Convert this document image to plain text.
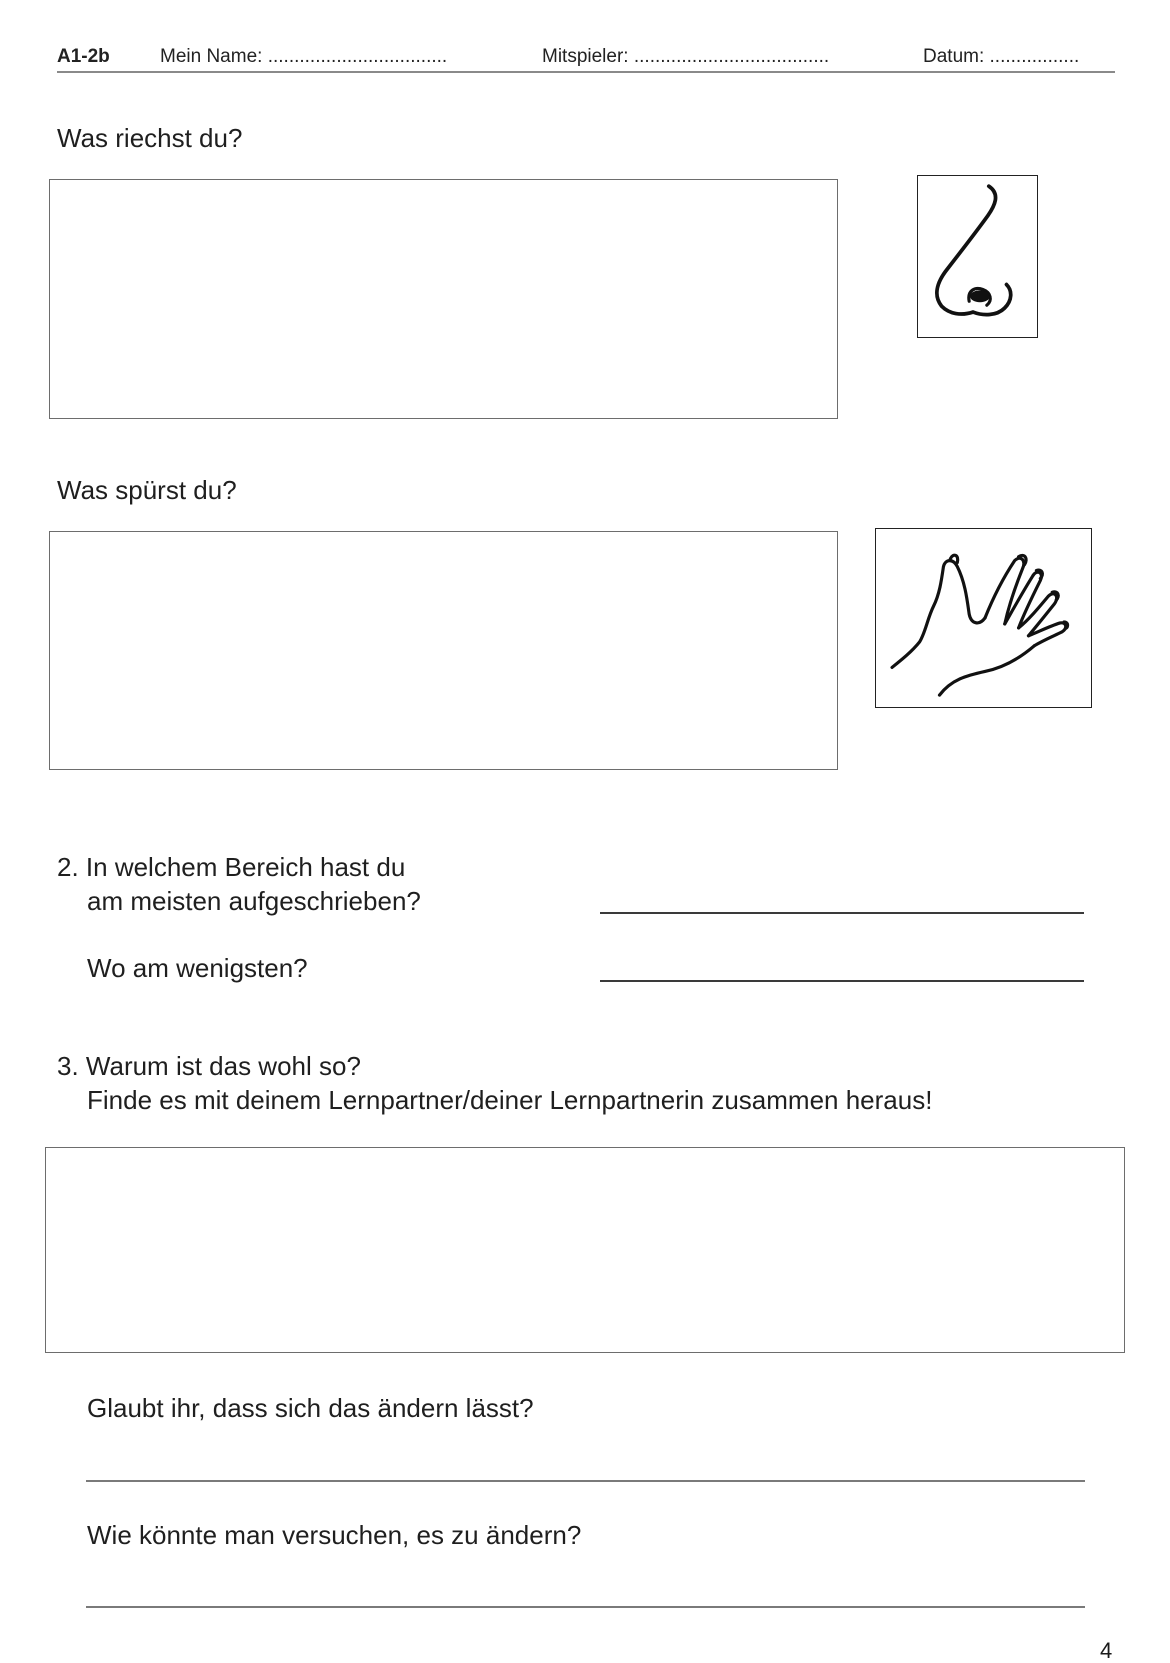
A1-2b	Mein Name: ..................................	Mitspieler: .....................................	Datum: .................
Was riechst du?
Was spürst du?
2. In welchem Bereich hast du
am meisten aufgeschrieben?
Wo am wenigsten?
3. Warum ist das wohl so?
Finde es mit deinem Lernpartner/deiner Lernpartnerin zusammen heraus!
Glaubt ihr, dass sich das ändern lässt?
Wie könnte man versuchen, es zu ändern?
4
